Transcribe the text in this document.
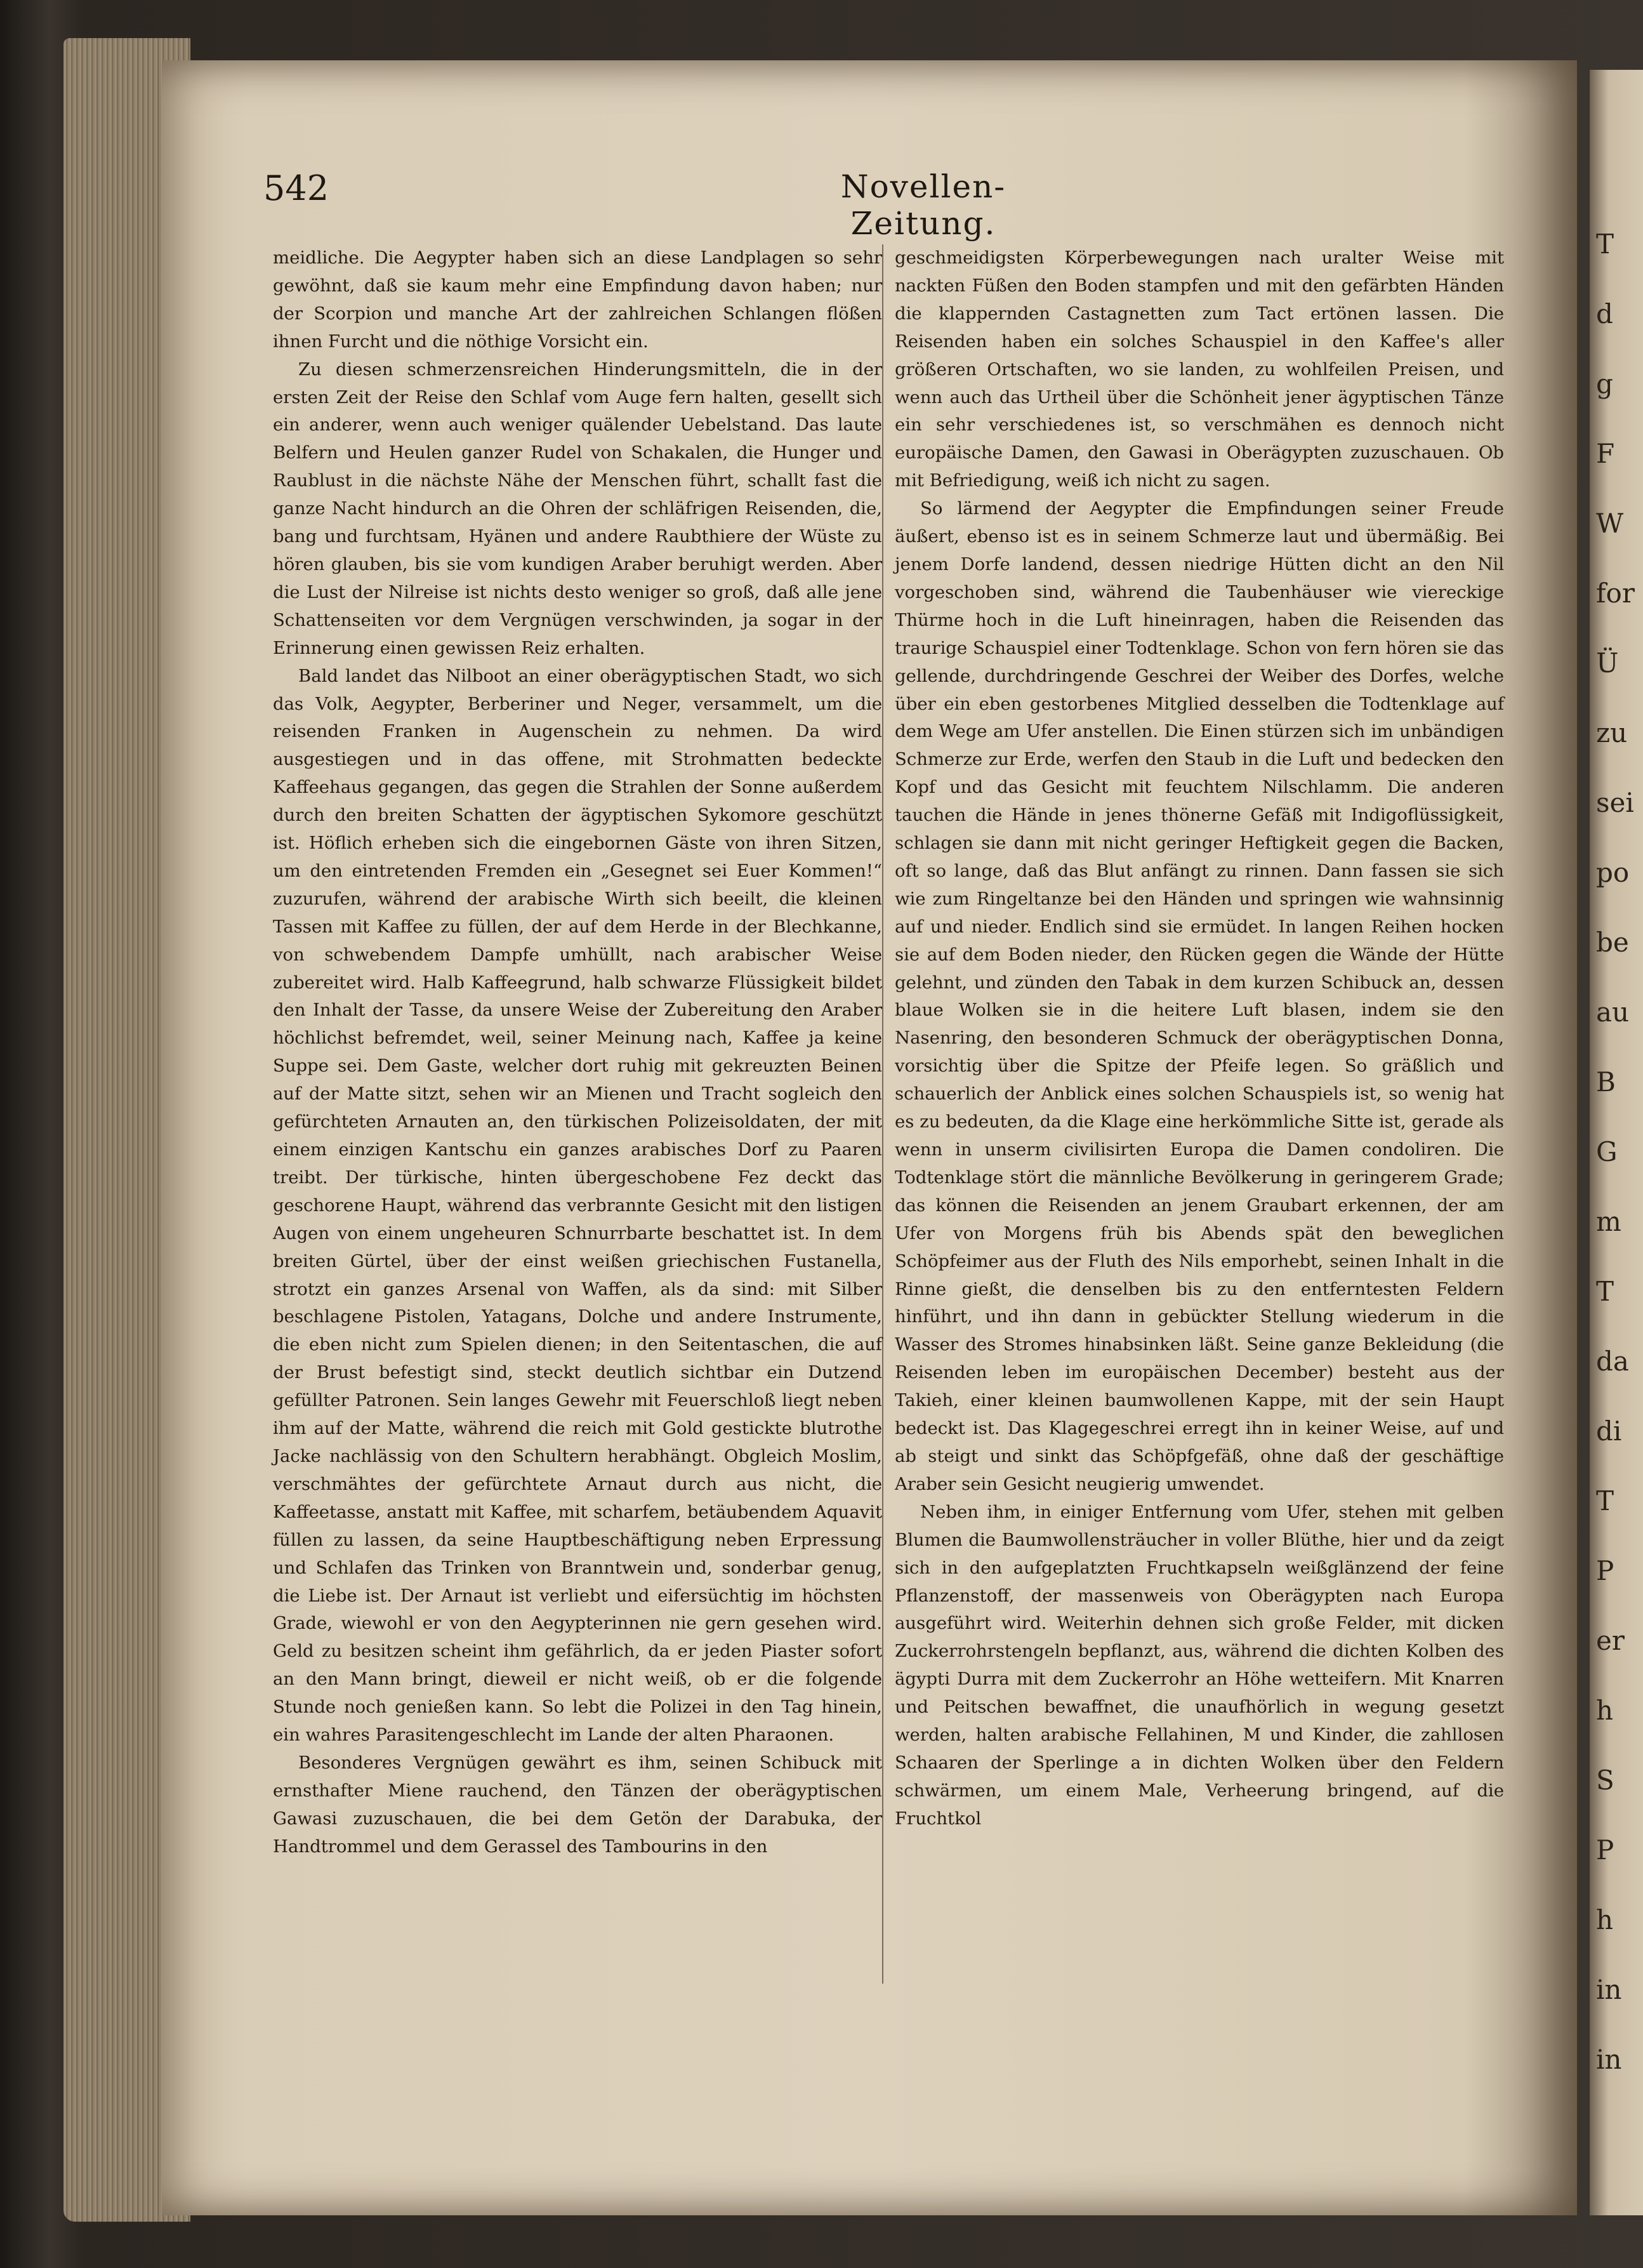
T
d
g
F
W
for
Ü
zu
sei
po
be
au
B
G
m
T
da
di
T
P
er
h
S
P
h
in
in
542	Novellen-Zeitung.

meidliche. Die Aegypter haben sich an diese Landplagen so sehr gewöhnt, daß sie kaum mehr eine Empfindung davon haben; nur der Scorpion und manche Art der zahlreichen Schlangen flößen ihnen Furcht und die nöthige Vorsicht ein.

Zu diesen schmerzensreichen Hinderungsmitteln, die in der ersten Zeit der Reise den Schlaf vom Auge fern halten, gesellt sich ein anderer, wenn auch weniger quälender Uebelstand. Das laute Belfern und Heulen ganzer Rudel von Schakalen, die Hunger und Raublust in die nächste Nähe der Menschen führt, schallt fast die ganze Nacht hindurch an die Ohren der schläfrigen Reisenden, die, bang und furchtsam, Hyänen und andere Raubthiere der Wüste zu hören glauben, bis sie vom kundigen Araber beruhigt werden. Aber die Lust der Nilreise ist nichts desto weniger so groß, daß alle jene Schattenseiten vor dem Vergnügen verschwinden, ja sogar in der Erinnerung einen gewissen Reiz erhalten.

Bald landet das Nilboot an einer oberägyptischen Stadt, wo sich das Volk, Aegypter, Berberiner und Neger, versammelt, um die reisenden Franken in Augenschein zu nehmen. Da wird ausgestiegen und in das offene, mit Strohmatten bedeckte Kaffeehaus gegangen, das gegen die Strahlen der Sonne außerdem durch den breiten Schatten der ägyptischen Sykomore geschützt ist. Höflich erheben sich die eingebornen Gäste von ihren Sitzen, um den eintretenden Fremden ein „Gesegnet sei Euer Kommen!“ zuzurufen, während der arabische Wirth sich beeilt, die kleinen Tassen mit Kaffee zu füllen, der auf dem Herde in der Blechkanne, von schwebendem Dampfe umhüllt, nach arabischer Weise zubereitet wird. Halb Kaffeegrund, halb schwarze Flüssigkeit bildet den Inhalt der Tasse, da unsere Weise der Zubereitung den Araber höchlichst befremdet, weil, seiner Meinung nach, Kaffee ja keine Suppe sei. Dem Gaste, welcher dort ruhig mit gekreuzten Beinen auf der Matte sitzt, sehen wir an Mienen und Tracht sogleich den gefürchteten Arnauten an, den türkischen Polizeisoldaten, der mit einem einzigen Kantschu ein ganzes arabisches Dorf zu Paaren treibt. Der türkische, hinten übergeschobene Fez deckt das geschorene Haupt, während das verbrannte Gesicht mit den listigen Augen von einem ungeheuren Schnurrbarte beschattet ist. In dem breiten Gürtel, über der einst weißen griechischen Fustanella, strotzt ein ganzes Arsenal von Waffen, als da sind: mit Silber beschlagene Pistolen, Yatagans, Dolche und andere Instrumente, die eben nicht zum Spielen dienen; in den Seitentaschen, die auf der Brust befestigt sind, steckt deutlich sichtbar ein Dutzend gefüllter Patronen. Sein langes Gewehr mit Feuerschloß liegt neben ihm auf der Matte, während die reich mit Gold gestickte blutrothe Jacke nachlässig von den Schultern herabhängt. Obgleich Moslim, verschmähtes der gefürchtete Arnaut durch aus nicht, die Kaffeetasse, anstatt mit Kaffee, mit scharfem, betäubendem Aquavit füllen zu lassen, da seine Hauptbeschäftigung neben Erpressung und Schlafen das Trinken von Branntwein und, sonderbar genug, die Liebe ist. Der Arnaut ist verliebt und eifersüchtig im höchsten Grade, wiewohl er von den Aegypterinnen nie gern gesehen wird. Geld zu besitzen scheint ihm gefährlich, da er jeden Piaster sofort an den Mann bringt, dieweil er nicht weiß, ob er die folgende Stunde noch genießen kann. So lebt die Polizei in den Tag hinein, ein wahres Parasitengeschlecht im Lande der alten Pharaonen.

Besonderes Vergnügen gewährt es ihm, seinen Schibuck mit ernsthafter Miene rauchend, den Tänzen der oberägyptischen Gawasi zuzuschauen, die bei dem Getön der Darabuka, der Handtrommel und dem Gerassel des Tambourins in den

geschmeidigsten Körperbewegungen nach uralter Weise mit nackten Füßen den Boden stampfen und mit den gefärbten Händen die klappernden Castagnetten zum Tact ertönen lassen. Die Reisenden haben ein solches Schauspiel in den Kaffee's aller größeren Ortschaften, wo sie landen, zu wohlfeilen Preisen, und wenn auch das Urtheil über die Schönheit jener ägyptischen Tänze ein sehr verschiedenes ist, so verschmähen es dennoch nicht europäische Damen, den Gawasi in Oberägypten zuzuschauen. Ob mit Befriedigung, weiß ich nicht zu sagen.

So lärmend der Aegypter die Empfindungen seiner Freude äußert, ebenso ist es in seinem Schmerze laut und übermäßig. Bei jenem Dorfe landend, dessen niedrige Hütten dicht an den Nil vorgeschoben sind, während die Taubenhäuser wie viereckige Thürme hoch in die Luft hineinragen, haben die Reisenden das traurige Schauspiel einer Todtenklage. Schon von fern hören sie das gellende, durchdringende Geschrei der Weiber des Dorfes, welche über ein eben gestorbenes Mitglied desselben die Todtenklage auf dem Wege am Ufer anstellen. Die Einen stürzen sich im unbändigen Schmerze zur Erde, werfen den Staub in die Luft und bedecken den Kopf und das Gesicht mit feuchtem Nilschlamm. Die anderen tauchen die Hände in jenes thönerne Gefäß mit Indigoflüssigkeit, schlagen sie dann mit nicht geringer Heftigkeit gegen die Backen, oft so lange, daß das Blut anfängt zu rinnen. Dann fassen sie sich wie zum Ringeltanze bei den Händen und springen wie wahnsinnig auf und nieder. Endlich sind sie ermüdet. In langen Reihen hocken sie auf dem Boden nieder, den Rücken gegen die Wände der Hütte gelehnt, und zünden den Tabak in dem kurzen Schibuck an, dessen blaue Wolken sie in die heitere Luft blasen, indem sie den Nasenring, den besonderen Schmuck der oberägyptischen Donna, vorsichtig über die Spitze der Pfeife legen. So gräßlich und schauerlich der Anblick eines solchen Schauspiels ist, so wenig hat es zu bedeuten, da die Klage eine herkömmliche Sitte ist, gerade als wenn in unserm civilisirten Europa die Damen condoliren. Die Todtenklage stört die männliche Bevölkerung in geringerem Grade; das können die Reisenden an jenem Graubart erkennen, der am Ufer von Morgens früh bis Abends spät den beweglichen Schöpfeimer aus der Fluth des Nils emporhebt, seinen Inhalt in die Rinne gießt, die denselben bis zu den entferntesten Feldern hinführt, und ihn dann in gebückter Stellung wiederum in die Wasser des Stromes hinabsinken läßt. Seine ganze Bekleidung (die Reisenden leben im europäischen December) besteht aus der Takieh, einer kleinen baumwollenen Kappe, mit der sein Haupt bedeckt ist. Das Klagegeschrei erregt ihn in keiner Weise, auf und ab steigt und sinkt das Schöpfgefäß, ohne daß der geschäftige Araber sein Gesicht neugierig umwendet.

Neben ihm, in einiger Entfernung vom Ufer, stehen mit gelben Blumen die Baumwollensträucher in voller Blüthe, hier und da zeigt sich in den aufgeplatzten Fruchtkapseln weißglänzend der feine Pflanzenstoff, der massenweis von Oberägypten nach Europa ausgeführt wird. Weiterhin dehnen sich große Felder, mit dicken Zuckerrohrstengeln bepflanzt, aus, während die dichten Kolben des ägypti Durra mit dem Zuckerrohr an Höhe wetteifern. Mit Knarren und Peitschen bewaffnet, die unaufhörlich in wegung gesetzt werden, halten arabische Fellahinen, M und Kinder, die zahllosen Schaaren der Sperlinge a in dichten Wolken über den Feldern schwärmen, um einem Male, Verheerung bringend, auf die Fruchtkol
